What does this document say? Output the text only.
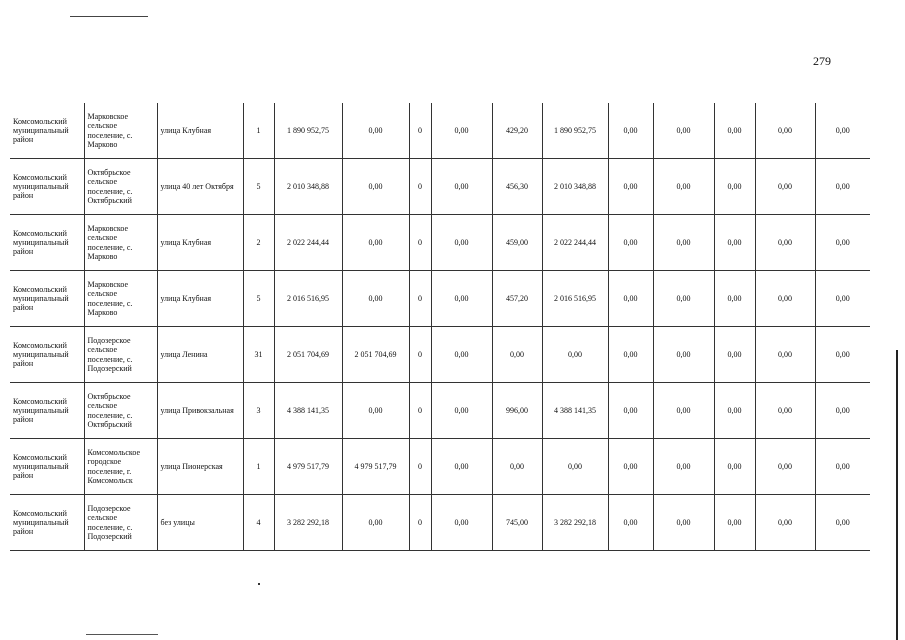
279
Комсомольский муниципальный район	Марковское сельское поселение, с. Марково	улица Клубная	1	1 890 952,75	0,00	0	0,00	429,20	1 890 952,75	0,00	0,00	0,00	0,00	0,00
Комсомольский муниципальный район	Октябрьское сельское поселение, с. Октябрьский	улица 40 лет Октября	5	2 010 348,88	0,00	0	0,00	456,30	2 010 348,88	0,00	0,00	0,00	0,00	0,00
Комсомольский муниципальный район	Марковское сельское поселение, с. Марково	улица Клубная	2	2 022 244,44	0,00	0	0,00	459,00	2 022 244,44	0,00	0,00	0,00	0,00	0,00
Комсомольский муниципальный район	Марковское сельское поселение, с. Марково	улица Клубная	5	2 016 516,95	0,00	0	0,00	457,20	2 016 516,95	0,00	0,00	0,00	0,00	0,00
Комсомольский муниципальный район	Подозерское сельское поселение, с. Подозерский	улица Ленина	31	2 051 704,69	2 051 704,69	0	0,00	0,00	0,00	0,00	0,00	0,00	0,00	0,00
Комсомольский муниципальный район	Октябрьское сельское поселение, с. Октябрьский	улица Привокзальная	3	4 388 141,35	0,00	0	0,00	996,00	4 388 141,35	0,00	0,00	0,00	0,00	0,00
Комсомольский муниципальный район	Комсомольское городское поселение, г. Комсомольск	улица Пионерская	1	4 979 517,79	4 979 517,79	0	0,00	0,00	0,00	0,00	0,00	0,00	0,00	0,00
Комсомольский муниципальный район	Подозерское сельское поселение, с. Подозерский	без улицы	4	3 282 292,18	0,00	0	0,00	745,00	3 282 292,18	0,00	0,00	0,00	0,00	0,00
